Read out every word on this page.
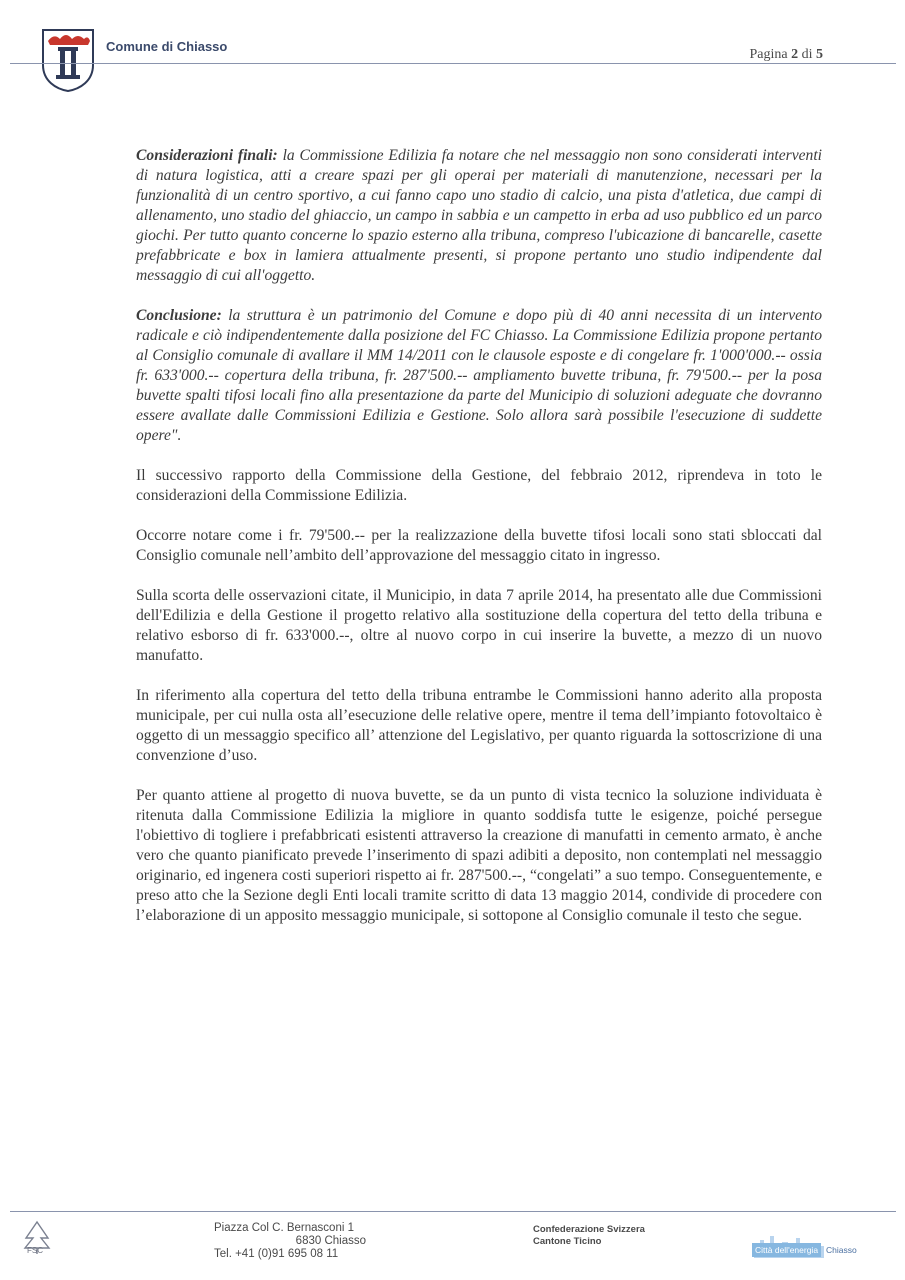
Comune di Chiasso
Pagina 2 di 5

Considerazioni finali: la Commissione Edilizia fa notare che nel messaggio non sono considerati interventi di natura logistica, atti a creare spazi per gli operai per materiali di manutenzione, necessari per la funzionalità di un centro sportivo, a cui fanno capo uno stadio di calcio, una pista d'atletica, due campi di allenamento, uno stadio del ghiaccio, un campo in sabbia e un campetto in erba ad uso pubblico ed un parco giochi. Per tutto quanto concerne lo spazio esterno alla tribuna, compreso l'ubicazione di bancarelle, casette prefabbricate e box in lamiera attualmente presenti, si propone pertanto uno studio indipendente dal messaggio di cui all'oggetto.

Conclusione: la struttura è un patrimonio del Comune e dopo più di 40 anni necessita di un intervento radicale e ciò indipendentemente dalla posizione del FC Chiasso. La Commissione Edilizia propone pertanto al Consiglio comunale di avallare il MM 14/2011 con le clausole esposte e di congelare fr. 1'000'000.-- ossia fr. 633'000.-- copertura della tribuna, fr. 287'500.-- ampliamento buvette tribuna, fr. 79'500.-- per la posa buvette spalti tifosi locali fino alla presentazione da parte del Municipio di soluzioni adeguate che dovranno essere avallate dalle Commissioni Edilizia e Gestione. Solo allora sarà possibile l'esecuzione di suddette opere".

Il successivo rapporto della Commissione della Gestione, del febbraio 2012, riprendeva in toto le considerazioni della Commissione Edilizia.

Occorre notare come i fr. 79'500.-- per la realizzazione della buvette tifosi locali sono stati sbloccati dal Consiglio comunale nell’ambito dell’approvazione del messaggio citato in ingresso.

Sulla scorta delle osservazioni citate, il Municipio, in data 7 aprile 2014, ha presentato alle due Commissioni dell'Edilizia e della Gestione il progetto relativo alla sostituzione della copertura del tetto della tribuna e relativo esborso di fr. 633'000.--, oltre al nuovo corpo in cui inserire la buvette, a mezzo di un nuovo manufatto.

In riferimento alla copertura del tetto della tribuna entrambe le Commissioni hanno aderito alla proposta municipale, per cui nulla osta all’esecuzione delle relative opere, mentre il tema dell’impianto fotovoltaico è oggetto di un messaggio specifico all’ attenzione del Legislativo, per quanto riguarda la sottoscrizione di una convenzione d’uso.

Per quanto attiene al progetto di nuova buvette, se da un punto di vista tecnico la soluzione individuata è ritenuta dalla Commissione Edilizia la migliore in quanto soddisfa tutte le esigenze, poiché persegue l'obiettivo di togliere i prefabbricati esistenti attraverso la creazione di manufatti in cemento armato, è anche vero che quanto pianificato prevede l’inserimento di spazi adibiti a deposito, non contemplati nel messaggio originario, ed ingenera costi superiori rispetto ai fr. 287'500.--, “congelati” a suo tempo. Conseguentemente, e preso atto che la Sezione degli Enti locali tramite scritto di data 13 maggio 2014, condivide di procedere con l’elaborazione di un apposito messaggio municipale, si sottopone al Consiglio comunale il testo che segue.

FSC
Piazza Col C. Bernasconi 1
6830 Chiasso
Tel. +41 (0)91 695 08 11
Confederazione Svizzera
Cantone Ticino
Città dell'energia Chiasso
